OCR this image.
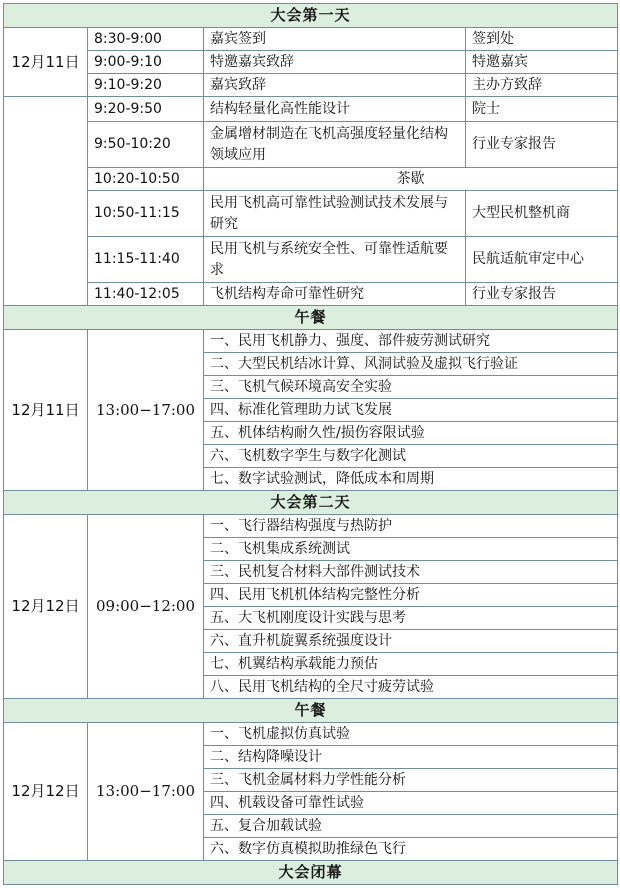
大会第一天			
12月11日	8:30-9:00	嘉宾签到	签到处
	9:00-9:10	特邀嘉宾致辞	特邀嘉宾
	9:10-9:20	嘉宾致辞	主办方致辞
	9:20-9:50	结构轻量化高性能设计	院士
	9:50-10:20	金属增材制造在飞机高强度轻量化结构领域应用	行业专家报告
	10:20-10:50	茶歇	
	10:50-11:15	民用飞机高可靠性试验测试技术发展与研究	大型民机整机商
	11:15-11:40	民用飞机与系统安全性、可靠性适航要求	民航适航审定中心
	11:40-12:05	飞机结构寿命可靠性研究	行业专家报告
午餐			
12月11日	13:00−17:00	一、民用飞机静力、强度、部件疲劳测试研究	
		二、大型民机结冰计算、风洞试验及虚拟飞行验证	
		三、飞机气候环境高安全实验	
		四、标准化管理助力试飞发展	
		五、机体结构耐久性/损伤容限试验	
		六、飞机数字孪生与数字化测试	
		七、数字试验测试，降低成本和周期	
大会第二天			
12月12日	09:00−12:00	一、飞行器结构强度与热防护	
		二、飞机集成系统测试	
		三、民机复合材料大部件测试技术	
		四、民用飞机机体结构完整性分析	
		五、大飞机刚度设计实践与思考	
		六、直升机旋翼系统强度设计	
		七、机翼结构承载能力预估	
		八、民用飞机结构的全尺寸疲劳试验	
午餐			
12月12日	13:00−17:00	一、飞机虚拟仿真试验	
		二、结构降噪设计	
		三、飞机金属材料力学性能分析	
		四、机载设备可靠性试验	
		五、复合加载试验	
		六、数字仿真模拟助推绿色飞行	
大会闭幕			
